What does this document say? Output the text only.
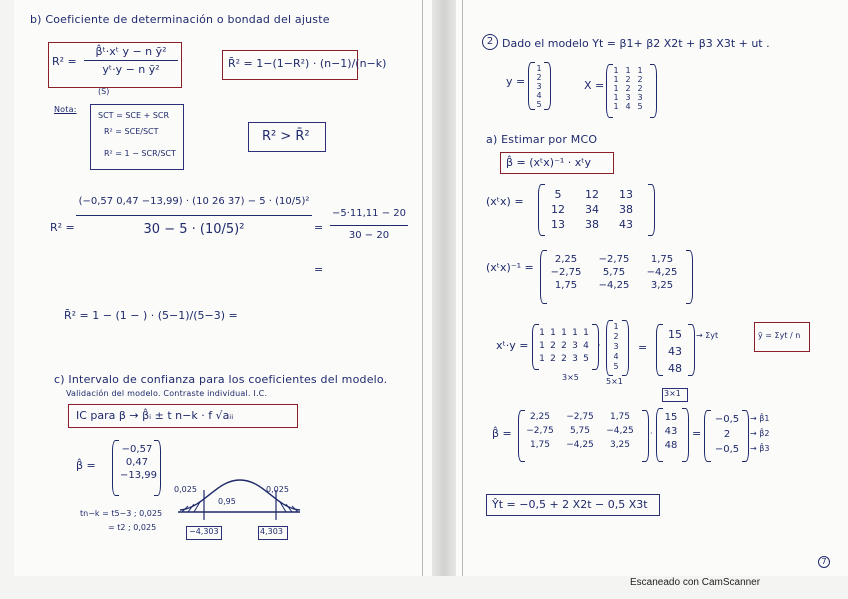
b) Coeficiente de determinación o bondad del ajuste
R² =
β̂ᵗ·xᵗ y − n ȳ²
yᵗ·y − n ȳ²
(S)
R̄² = 1−(1−R²) · (n−1)/(n−k)
Nota:
SCT = SCE + SCR
R² = SCE/SCT
R² = 1 − SCR/SCT
R² > R̄²
R² =
(−0,57 0,47 −13,99) · (10 26 37) − 5 · (10/5)²
30 − 5 · (10/5)²	=
−5·11,11 − 20
30 − 20
=
R̄² = 1 − (1 − ) · (5−1)/(5−3) =
c) Intervalo de confianza para los coeficientes del modelo.
Validación del modelo. Contraste individual. I.C.
IC para β → β̂ᵢ ± t n−k · f √aᵢᵢ
β̂ =
−0,57
0,47
−13,99
0,025
0,95
0,025
tn−k = t5−3 ; 0,025
= t2 ; 0,025	−4,303	4,303
2 Dado el modelo Yt = β1+ β2 X2t + β3 X3t + ut .
y =
1
2
3
4
5
X =
1 1 1
1 2 2
1 2 2
1 3 3
1 4 5
a) Estimar por MCO
β̂ = (xᵗx)⁻¹ · xᵗy
(xᵗx) =
5	12	13
12	34	38
13	38	43
(xᵗx)⁻¹ =
2,25	−2,75	1,75
−2,75	5,75	−4,25
1,75	−4,25	3,25
xᵗ·y =
1 1 1 1 1
1 2 2 3 4
1 2 2 3 5
·
1
2
3
4
5
=
15
43
48
→ Σyt	ȳ = Σyt / n
3×5	5×1
3×1
β̂ =
2,25	−2,75	1,75
−2,75	5,75	−4,25
1,75	−4,25	3,25
·
15
43
48
=
−0,5
2
−0,5
→ β̂1
→ β̂2
→ β̂3
Ŷt = −0,5 + 2 X2t − 0,5 X3t
7
Escaneado con CamScanner
